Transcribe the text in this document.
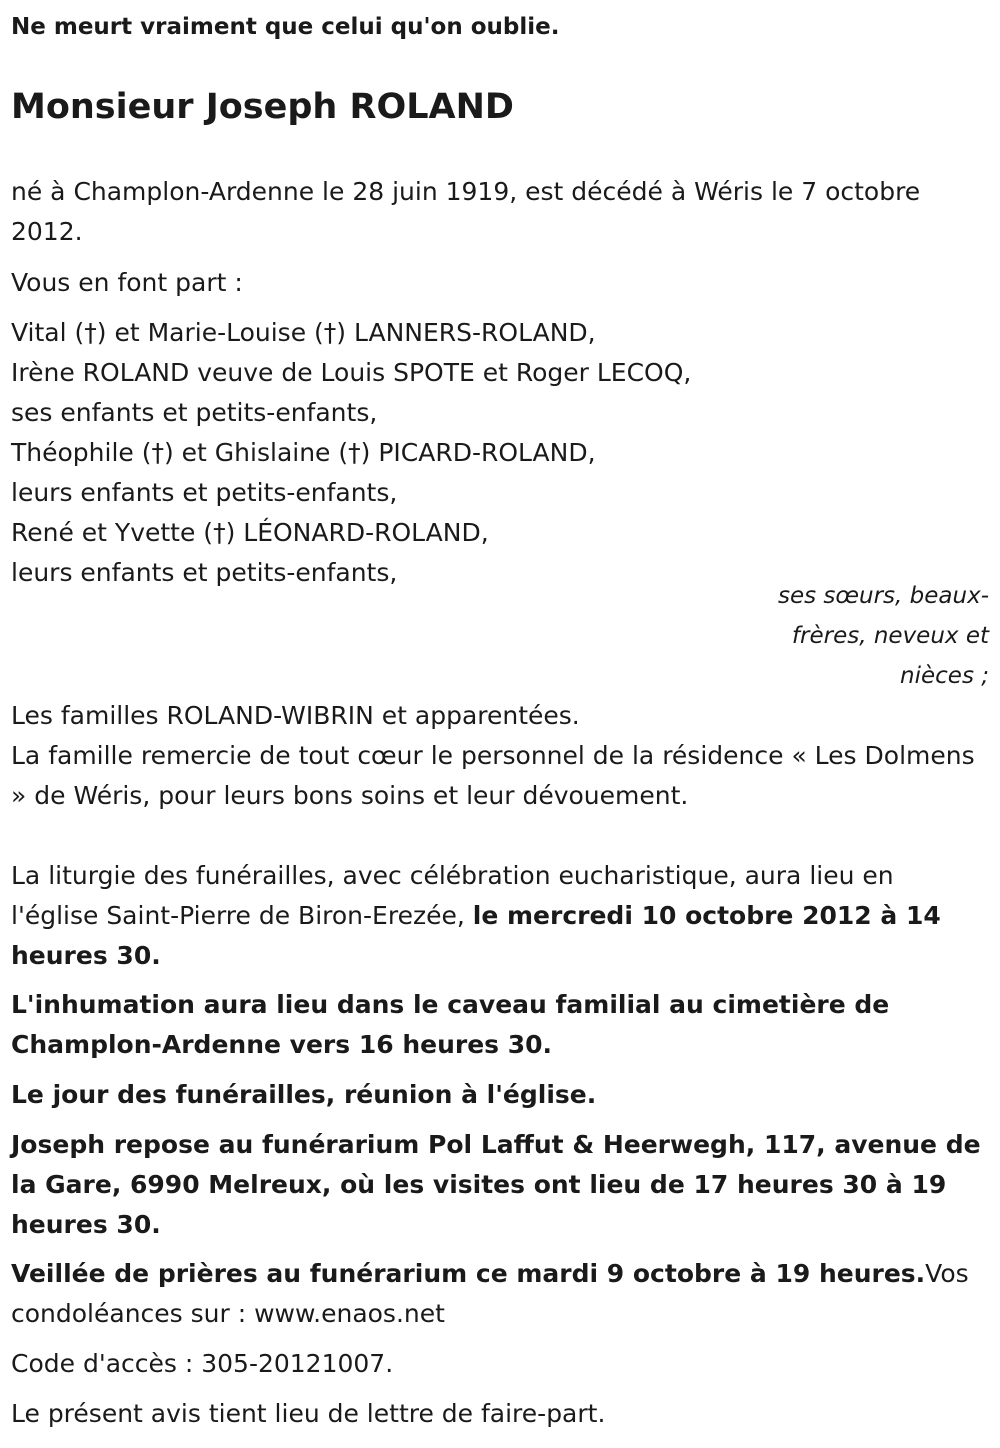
Ne meurt vraiment que celui qu'on oublie.
Monsieur Joseph ROLAND
né à Champlon-Ardenne le 28 juin 1919, est décédé à Wéris le 7 octobre 2012.
Vous en font part :
Vital (†) et Marie-Louise (†) LANNERS-ROLAND,
Irène ROLAND veuve de Louis SPOTE et Roger LECOQ,
ses enfants et petits-enfants,
Théophile (†) et Ghislaine (†) PICARD-ROLAND,
leurs enfants et petits-enfants,
René et Yvette (†) LÉONARD-ROLAND,
leurs enfants et petits-enfants,
ses sœurs, beaux-frères, neveux et nièces ;
Les familles ROLAND-WIBRIN et apparentées.
La famille remercie de tout cœur le personnel de la résidence « Les Dolmens » de Wéris, pour leurs bons soins et leur dévouement.
La liturgie des funérailles, avec célébration eucharistique, aura lieu en l'église Saint-Pierre de Biron-Erezée, le mercredi 10 octobre 2012 à 14 heures 30.
L'inhumation aura lieu dans le caveau familial au cimetière de Champlon-Ardenne vers 16 heures 30.
Le jour des funérailles, réunion à l'église.
Joseph repose au funérarium Pol Laffut & Heerwegh, 117, avenue de la Gare, 6990 Melreux, où les visites ont lieu de 17 heures 30 à 19 heures 30.
Veillée de prières au funérarium ce mardi 9 octobre à 19 heures.Vos condoléances sur : www.enaos.net
Code d'accès : 305-20121007.
Le présent avis tient lieu de lettre de faire-part.
